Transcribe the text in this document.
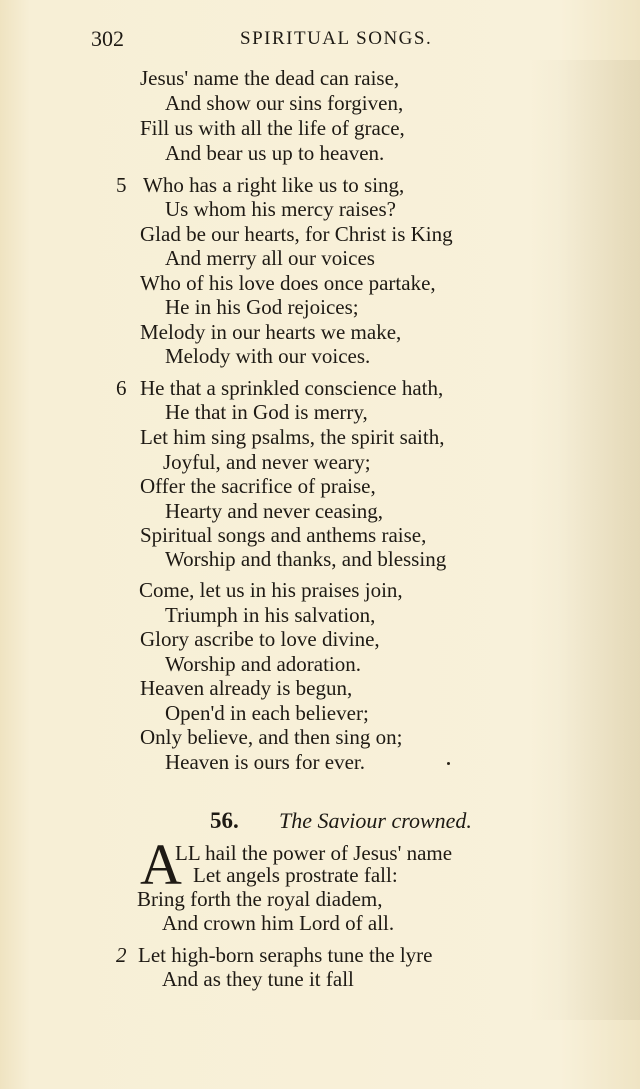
302	SPIRITUAL SONGS.
Jesus' name the dead can raise,
And show our sins forgiven,
Fill us with all the life of grace,
And bear us up to heaven.
5 Who has a right like us to sing,
Us whom his mercy raises?
Glad be our hearts, for Christ is King
And merry all our voices
Who of his love does once partake,
He in his God rejoices;
Melody in our hearts we make,
Melody with our voices.
6 He that a sprinkled conscience hath,
He that in God is merry,
Let him sing psalms, the spirit saith,
Joyful, and never weary;
Offer the sacrifice of praise,
Hearty and never ceasing,
Spiritual songs and anthems raise,
Worship and thanks, and blessing
Come, let us in his praises join,
Triumph in his salvation,
Glory ascribe to love divine,
Worship and adoration.
Heaven already is begun,
Open'd in each believer;
Only believe, and then sing on;
Heaven is ours for ever.
56. The Saviour crowned.
A
LL hail the power of Jesus' name
Let angels prostrate fall:
Bring forth the royal diadem,
And crown him Lord of all.
2 Let high-born seraphs tune the lyre
And as they tune it fall
